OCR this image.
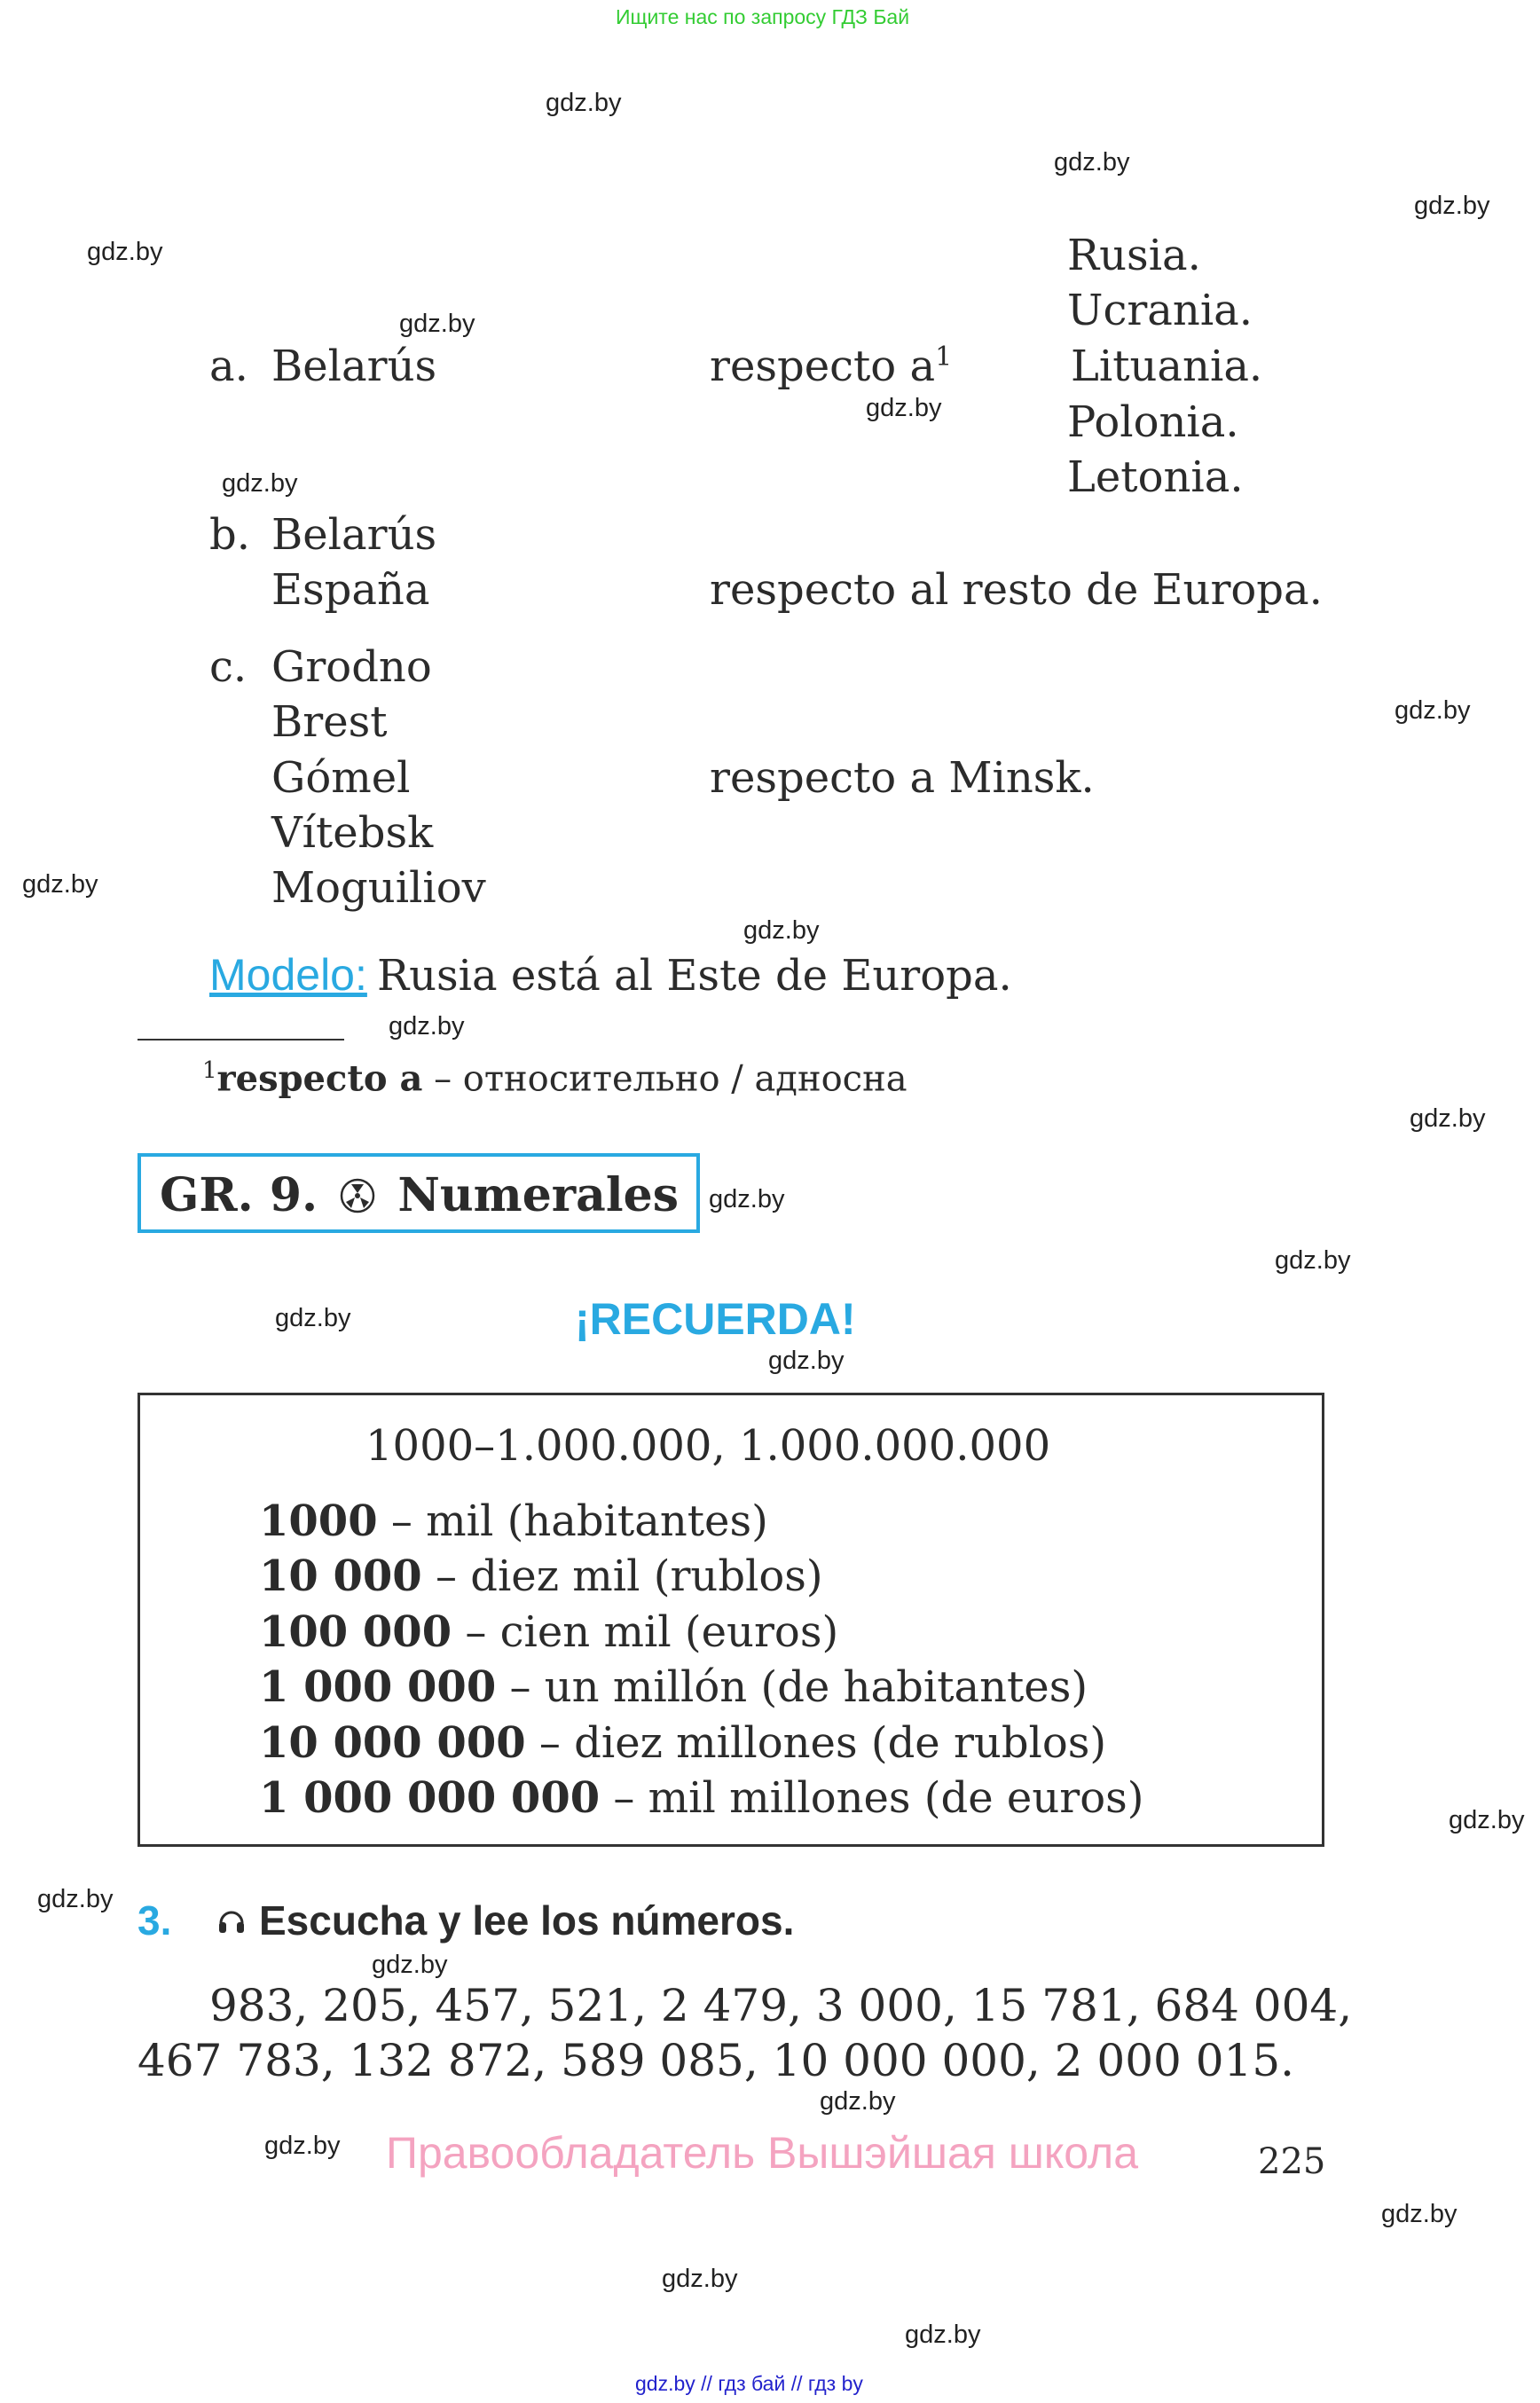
Ищите нас по запросу ГДЗ Бай
gdz.by
gdz.by
gdz.by
gdz.by
gdz.by
gdz.by
gdz.by
gdz.by
gdz.by
gdz.by
gdz.by
gdz.by
gdz.by
gdz.by
gdz.by
gdz.by
gdz.by
gdz.by
gdz.by
gdz.by
gdz.by
gdz.by
gdz.by
gdz.by
a. Belarús	respecto $a^1$
Rusia.
Ucrania.
Lituania.
Polonia.
Letonia.
b. Belarús
España	respecto al resto de Europa.
c. Grodno
Brest
Gómel
Vítebsk
Moguiliov
respecto a Minsk.
Modelo: Rusia está al Este de Europa.
$^1$respecto a – относительно / адносна
GR. 9. Numerales
¡RECUERDA!
1000–1.000.000, 1.000.000.000
1000 – mil (habitantes)
10 000 – diez mil (rublos)
100 000 – cien mil (euros)
1 000 000 – un millón (de habitantes)
10 000 000 – diez millones (de rublos)
1 000 000 000 – mil millones (de euros)
3. Escucha y lee los números.
983, 205, 457, 521, 2 479, 3 000, 15 781, 684 004,
467 783, 132 872, 589 085, 10 000 000, 2 000 015.
Правообладатель Вышэйшая школа	225
gdz.by // гдз бай // гдз by
